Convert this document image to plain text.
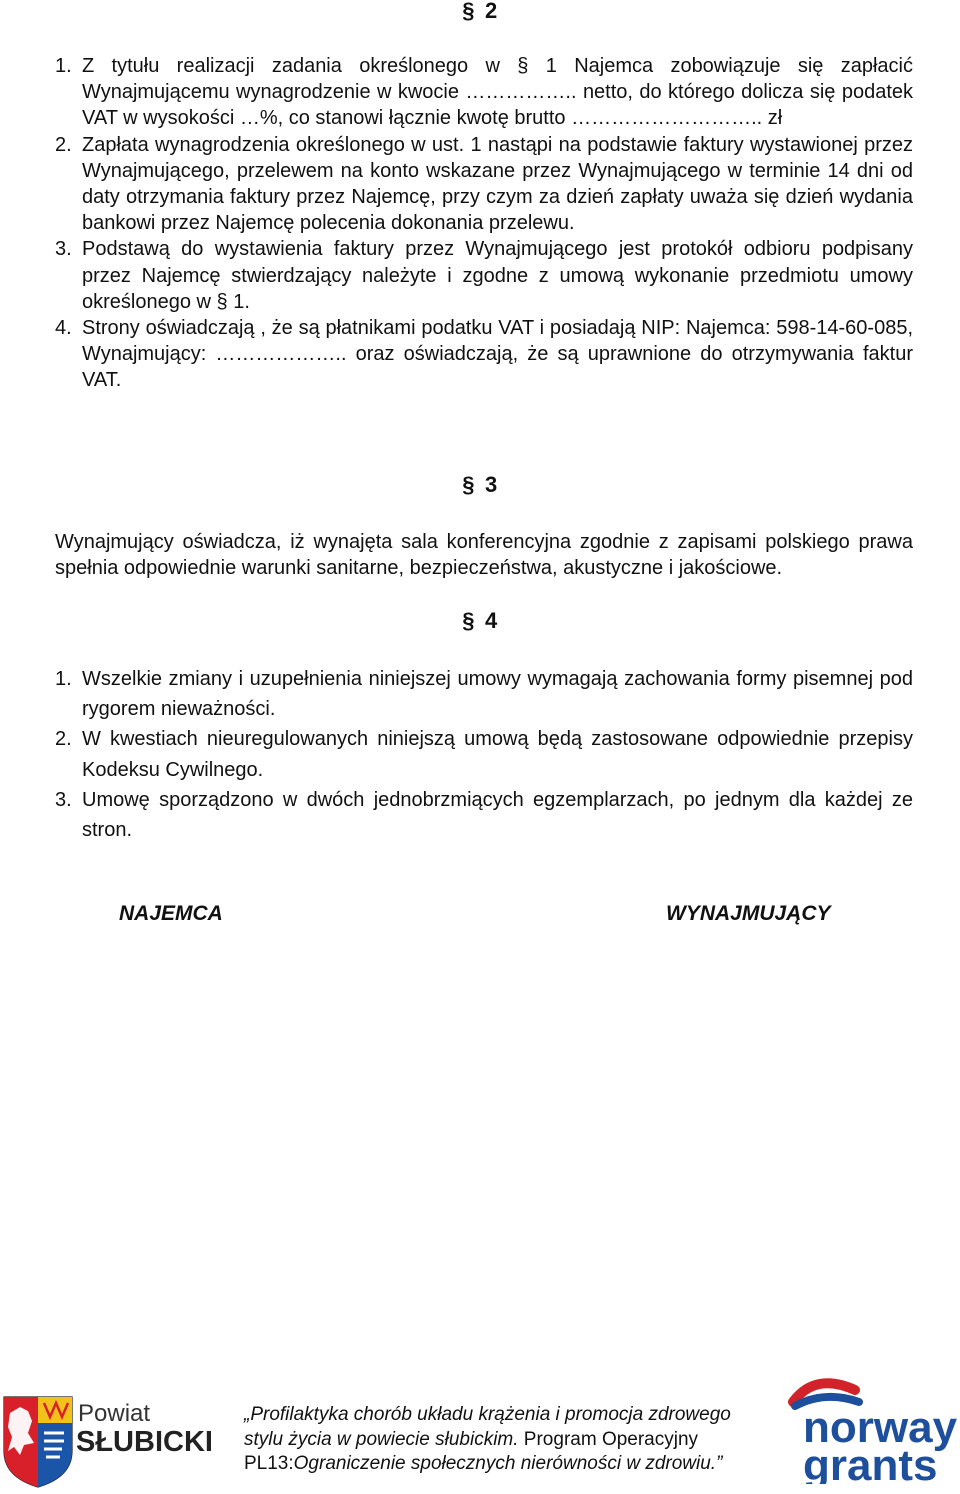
§ 2
1. Z tytułu realizacji zadania określonego w § 1 Najemca zobowiązuje się zapłacić Wynajmującemu wynagrodzenie w kwocie …………….. netto, do którego dolicza się podatek VAT w wysokości …%, co stanowi łącznie kwotę brutto ……………………….. zł
2. Zapłata wynagrodzenia określonego w ust. 1 nastąpi na podstawie faktury wystawionej przez Wynajmującego, przelewem na konto wskazane przez Wynajmującego w terminie 14 dni od daty otrzymania faktury przez Najemcę, przy czym za dzień zapłaty uważa się dzień wydania bankowi przez Najemcę polecenia dokonania przelewu.
3. Podstawą do wystawienia faktury przez Wynajmującego jest protokół odbioru podpisany przez Najemcę stwierdzający należyte i zgodne z umową wykonanie przedmiotu umowy określonego w § 1.
4. Strony oświadczają , że są płatnikami podatku VAT i posiadają NIP: Najemca: 598-14-60-085, Wynajmujący: ……………….. oraz oświadczają, że są uprawnione do otrzymywania faktur VAT.
§ 3
Wynajmujący oświadcza, iż wynajęta sala konferencyjna zgodnie z zapisami polskiego prawa spełnia odpowiednie warunki sanitarne, bezpieczeństwa, akustyczne i jakościowe.
§ 4
1. Wszelkie zmiany i uzupełnienia niniejszej umowy wymagają zachowania formy pisemnej pod rygorem nieważności.
2. W kwestiach nieuregulowanych niniejszą umową będą zastosowane odpowiednie przepisy Kodeksu Cywilnego.
3. Umowę sporządzono w dwóch jednobrzmiących egzemplarzach, po jednym dla każdej ze stron.
NAJEMCA	WYNAJMUJĄCY
Powiat
SŁUBICKI
„Profilaktyka chorób układu krążenia i promocja zdrowego
stylu życia w powiecie słubickim. Program Operacyjny
PL13:Ograniczenie społecznych nierówności w zdrowiu.”
norway
grants
